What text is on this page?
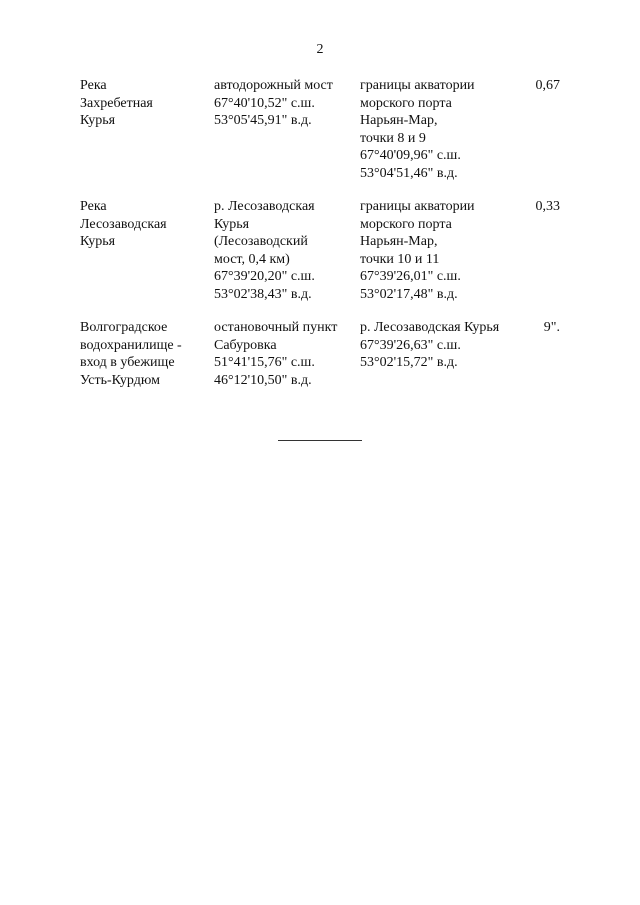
2
Река
Захребетная
Курья
автодорожный мост
67°40'10,52" с.ш.
53°05'45,91" в.д.
границы акватории
морского порта
Нарьян-Мар,
точки 8 и 9
67°40'09,96" с.ш.
53°04'51,46" в.д.
0,67
Река
Лесозаводская
Курья
р. Лесозаводская
Курья
(Лесозаводский
мост, 0,4 км)
67°39'20,20" с.ш.
53°02'38,43" в.д.
границы акватории
морского порта
Нарьян-Мар,
точки 10 и 11
67°39'26,01" с.ш.
53°02'17,48" в.д.
0,33
Волгоградское
водохранилище -
вход в убежище
Усть-Курдюм
остановочный пункт
Сабуровка
51°41'15,76" с.ш.
46°12'10,50" в.д.
р. Лесозаводская Курья
67°39'26,63" с.ш.
53°02'15,72" в.д.
9".
